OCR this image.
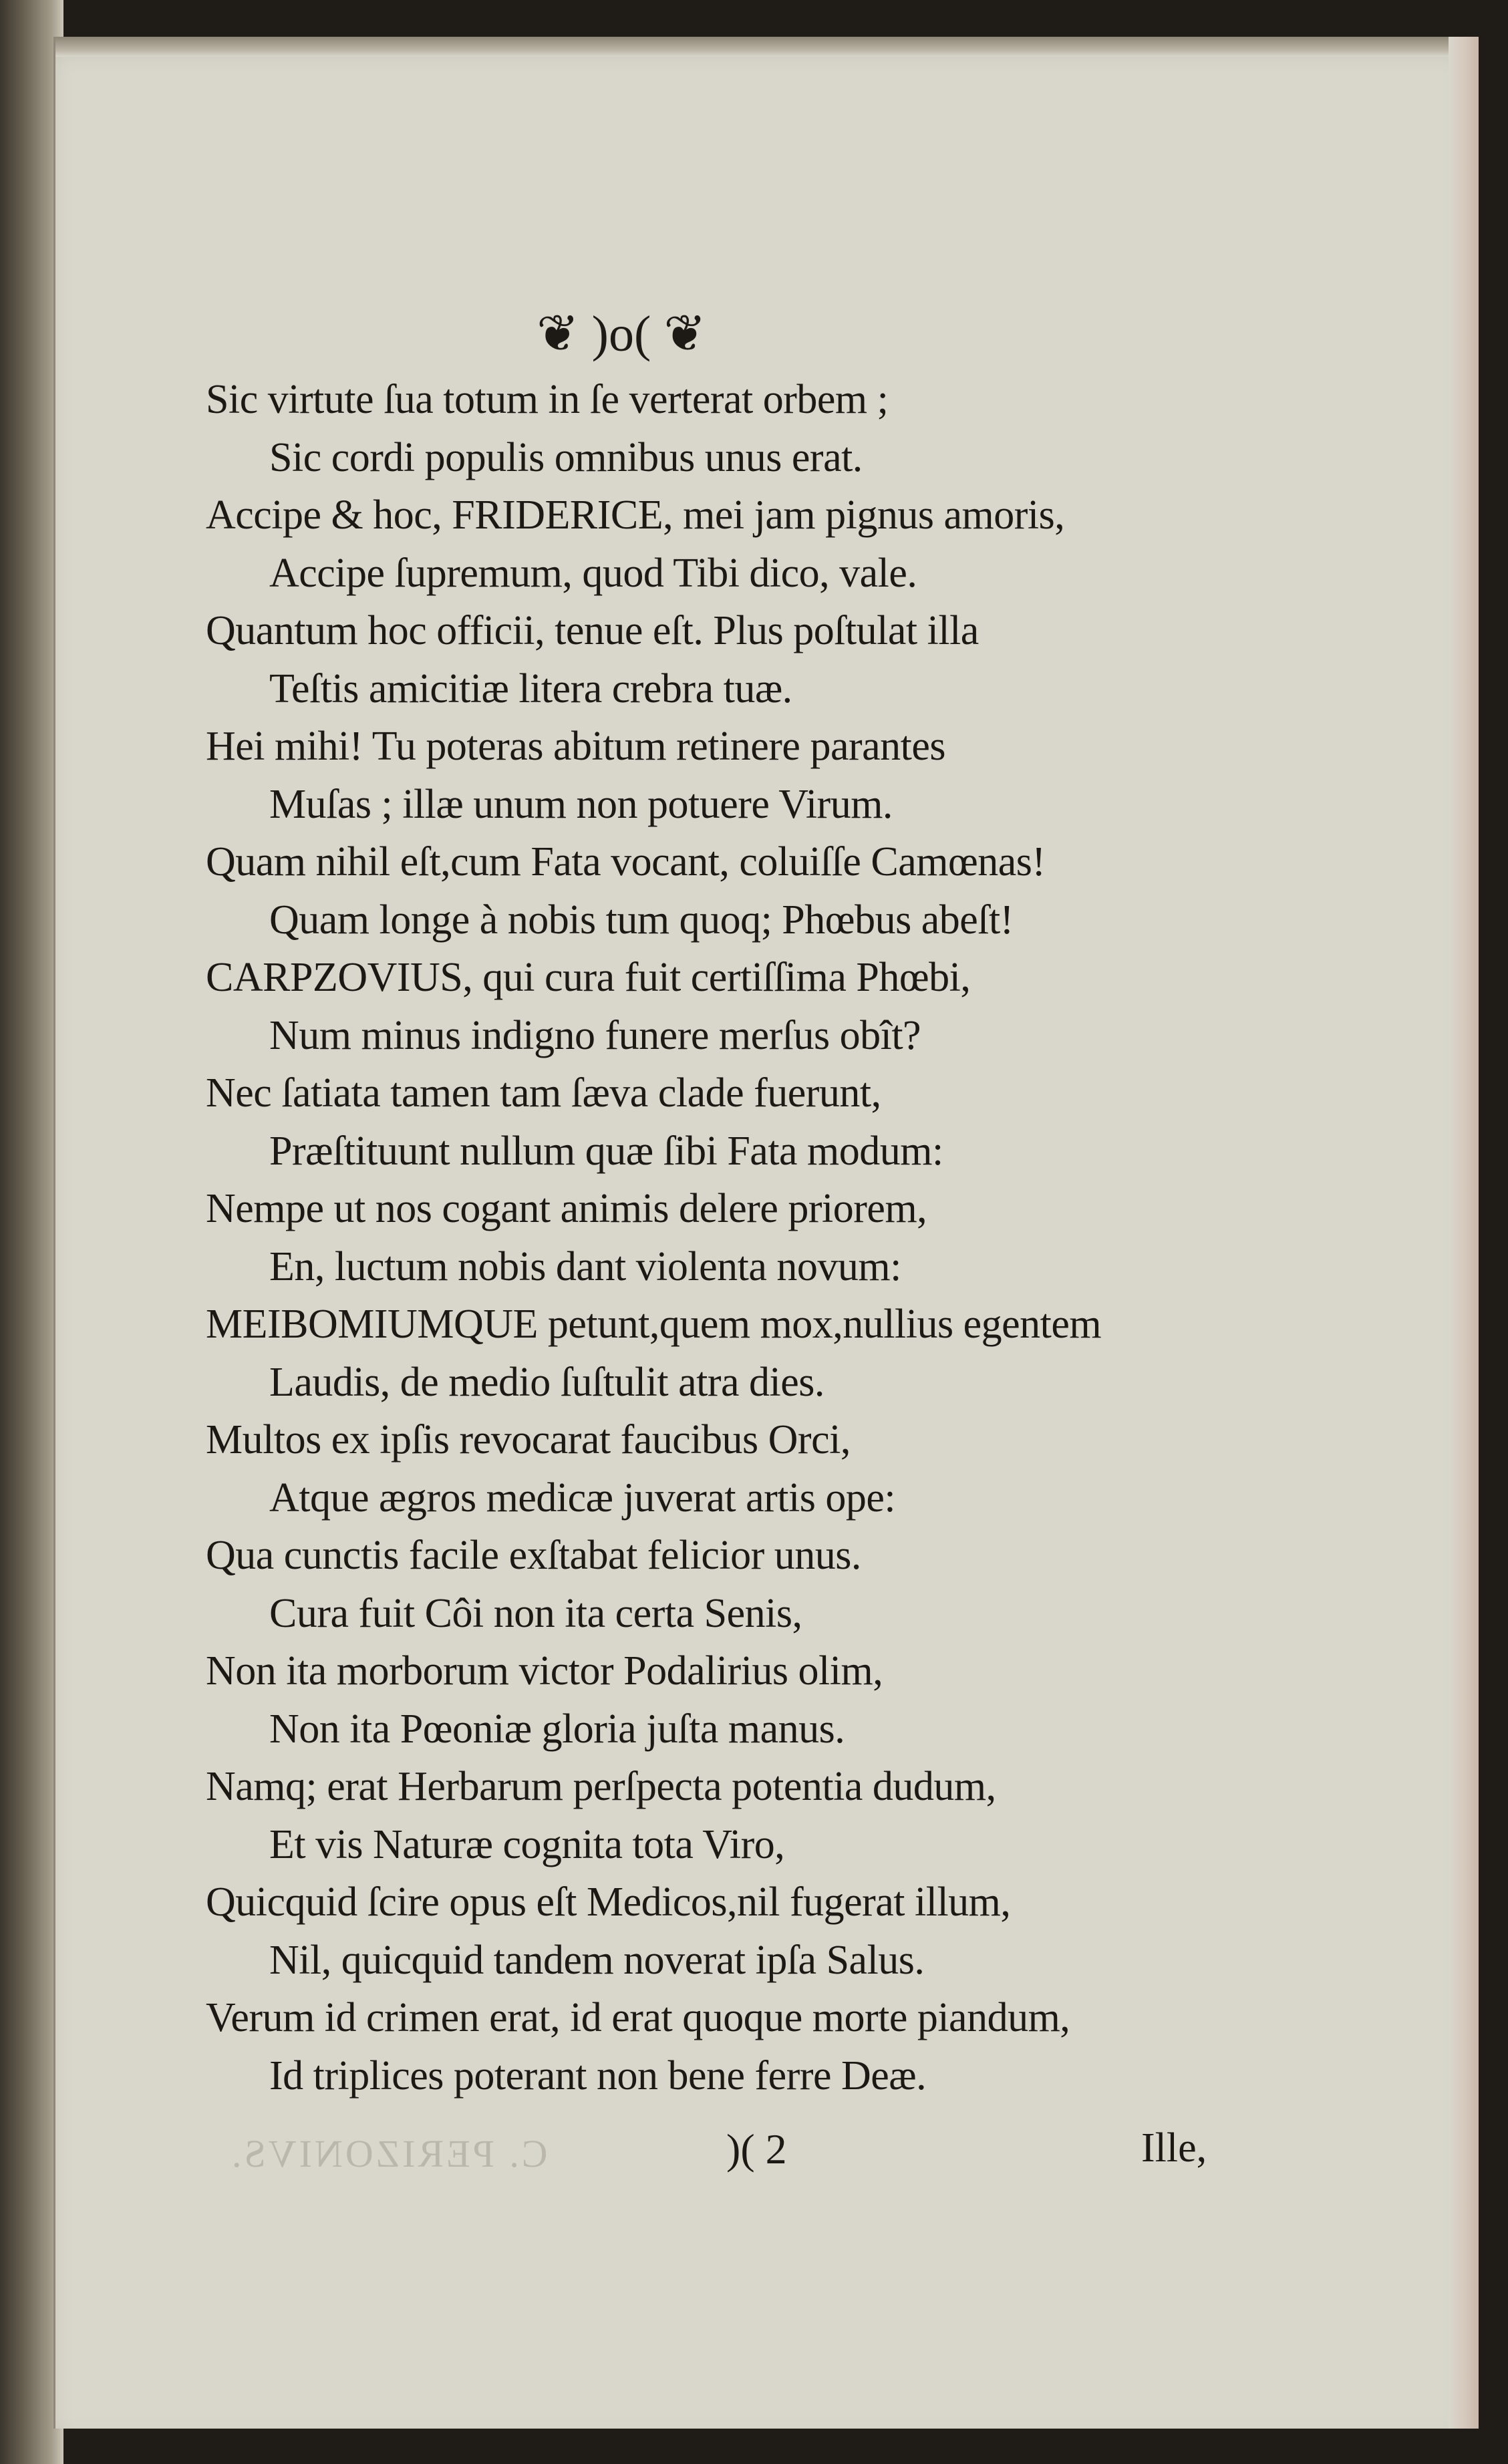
❦ )o( ❦
Sic virtute ſua totum in ſe verterat orbem ;
Sic cordi populis omnibus unus erat.
Accipe & hoc, FRIDERICE, mei jam pignus amoris,
Accipe ſupremum, quod Tibi dico, vale.
Quantum hoc officii, tenue eſt. Plus poſtulat illa
Teſtis amicitiæ litera crebra tuæ.
Hei mihi! Tu poteras abitum retinere parantes
Muſas ; illæ unum non potuere Virum.
Quam nihil eſt,cum Fata vocant, coluiſſe Camœnas!
Quam longe à nobis tum quoq; Phœbus abeſt!
CARPZOVIUS, qui cura fuit certiſſima Phœbi,
Num minus indigno funere merſus obît?
Nec ſatiata tamen tam ſæva clade fuerunt,
Præſtituunt nullum quæ ſibi Fata modum:
Nempe ut nos cogant animis delere priorem,
En, luctum nobis dant violenta novum:
MEIBOMIUMQUE petunt,quem mox,nullius egentem
Laudis, de medio ſuſtulit atra dies.
Multos ex ipſis revocarat faucibus Orci,
Atque ægros medicæ juverat artis ope:
Qua cunctis facile exſtabat felicior unus.
Cura fuit Côi non ita certa Senis,
Non ita morborum victor Podalirius olim,
Non ita Pœoniæ gloria juſta manus.
Namq; erat Herbarum perſpecta potentia dudum,
Et vis Naturæ cognita tota Viro,
Quicquid ſcire opus eſt Medicos,nil fugerat illum,
Nil, quicquid tandem noverat ipſa Salus.
Verum id crimen erat, id erat quoque morte piandum,
Id triplices poterant non bene ferre Deæ.
C. PERIZONIVS.	)( 2	Ille,
